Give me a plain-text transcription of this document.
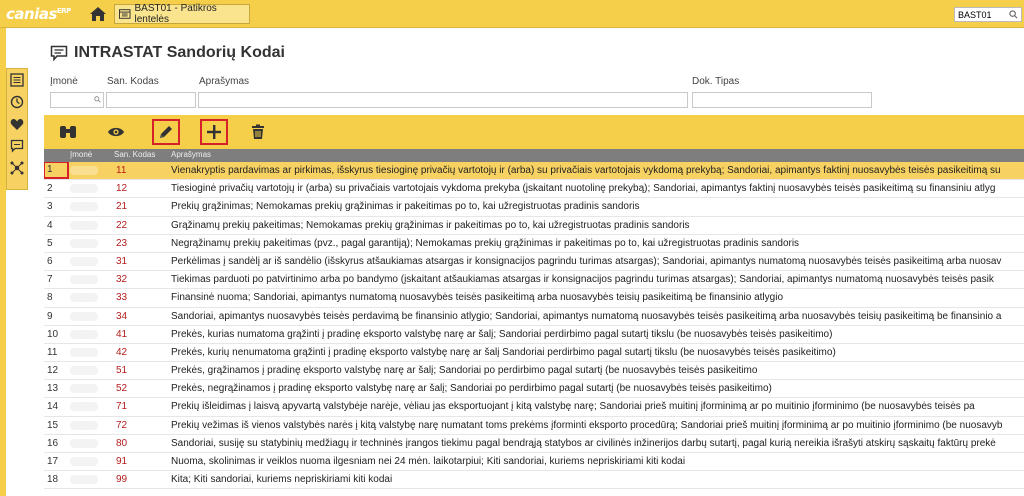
canias$^{ERP}$	BAST01 - Patikros lentelės
BAST01
INTRASTAT Sandorių Kodai
Įmonė	San. Kodas	Aprašymas	Dok. Tipas
Įmonė	San. Kodas Aprašymas
1	11	Vienakryptis pardavimas ar pirkimas, išskyrus tiesioginę privačių vartotojų ir (arba) su privačiais vartotojais vykdomą prekybą; Sandoriai, apimantys faktinį nuosavybės teisės pasikeitimą su
2	12	Tiesioginė privačių vartotojų ir (arba) su privačiais vartotojais vykdoma prekyba (įskaitant nuotolinę prekybą); Sandoriai, apimantys faktinį nuosavybės teisės pasikeitimą su finansiniu atlyg
3	21	Prekių grąžinimas; Nemokamas prekių grąžinimas ir pakeitimas po to, kai užregistruotas pradinis sandoris
4	22	Grąžinamų prekių pakeitimas; Nemokamas prekių grąžinimas ir pakeitimas po to, kai užregistruotas pradinis sandoris
5	23	Negrąžinamų prekių pakeitimas (pvz., pagal garantiją); Nemokamas prekių grąžinimas ir pakeitimas po to, kai užregistruotas pradinis sandoris
6	31	Perkėlimas į sandėlį ar iš sandėlio (išskyrus atšaukiamas atsargas ir konsignacijos pagrindu turimas atsargas); Sandoriai, apimantys numatomą nuosavybės teisės pasikeitimą arba nuosav
7	32	Tiekimas parduoti po patvirtinimo arba po bandymo (įskaitant atšaukiamas atsargas ir konsignacijos pagrindu turimas atsargas); Sandoriai, apimantys numatomą nuosavybės teisės pasik
8	33	Finansinė nuoma; Sandoriai, apimantys numatomą nuosavybės teisės pasikeitimą arba nuosavybės teisių pasikeitimą be finansinio atlygio
9	34	Sandoriai, apimantys nuosavybės teisės perdavimą be finansinio atlygio; Sandoriai, apimantys numatomą nuosavybės teisės pasikeitimą arba nuosavybės teisių pasikeitimą be finansinio a
10	41	Prekės, kurias numatoma grąžinti į pradinę eksporto valstybę narę ar šalį; Sandoriai perdirbimo pagal sutartį tikslu (be nuosavybės teisės pasikeitimo)
11	42	Prekės, kurių nenumatoma grąžinti į pradinę eksporto valstybę narę ar šalį Sandoriai perdirbimo pagal sutartį tikslu (be nuosavybės teisės pasikeitimo)
12	51	Prekės, grąžinamos į pradinę eksporto valstybę narę ar šalį; Sandoriai po perdirbimo pagal sutartį (be nuosavybės teisės pasikeitimo
13	52	Prekės, negrąžinamos į pradinę eksporto valstybę narę ar šalį; Sandoriai po perdirbimo pagal sutartį (be nuosavybės teisės pasikeitimo)
14	71	Prekių išleidimas į laisvą apyvartą valstybėje narėje, vėliau jas eksportuojant į kitą valstybę narę; Sandoriai prieš muitinį įforminimą ar po muitinio įforminimo (be nuosavybės teisės pa
15	72	Prekių vežimas iš vienos valstybės narės į kitą valstybę narę numatant toms prekėms įforminti eksporto procedūrą; Sandoriai prieš muitinį įforminimą ar po muitinio įforminimo (be nuosavyb
16	80	Sandoriai, susiję su statybinių medžiagų ir techninės įrangos tiekimu pagal bendrąją statybos ar civilinės inžinerijos darbų sutartį, pagal kurią nereikia išrašyti atskirų sąskaitų faktūrų prekė
17	91	Nuoma, skolinimas ir veiklos nuoma ilgesniam nei 24 mėn. laikotarpiui; Kiti sandoriai, kuriems nepriskiriami kiti kodai
18	99	Kita; Kiti sandoriai, kuriems nepriskiriami kiti kodai
